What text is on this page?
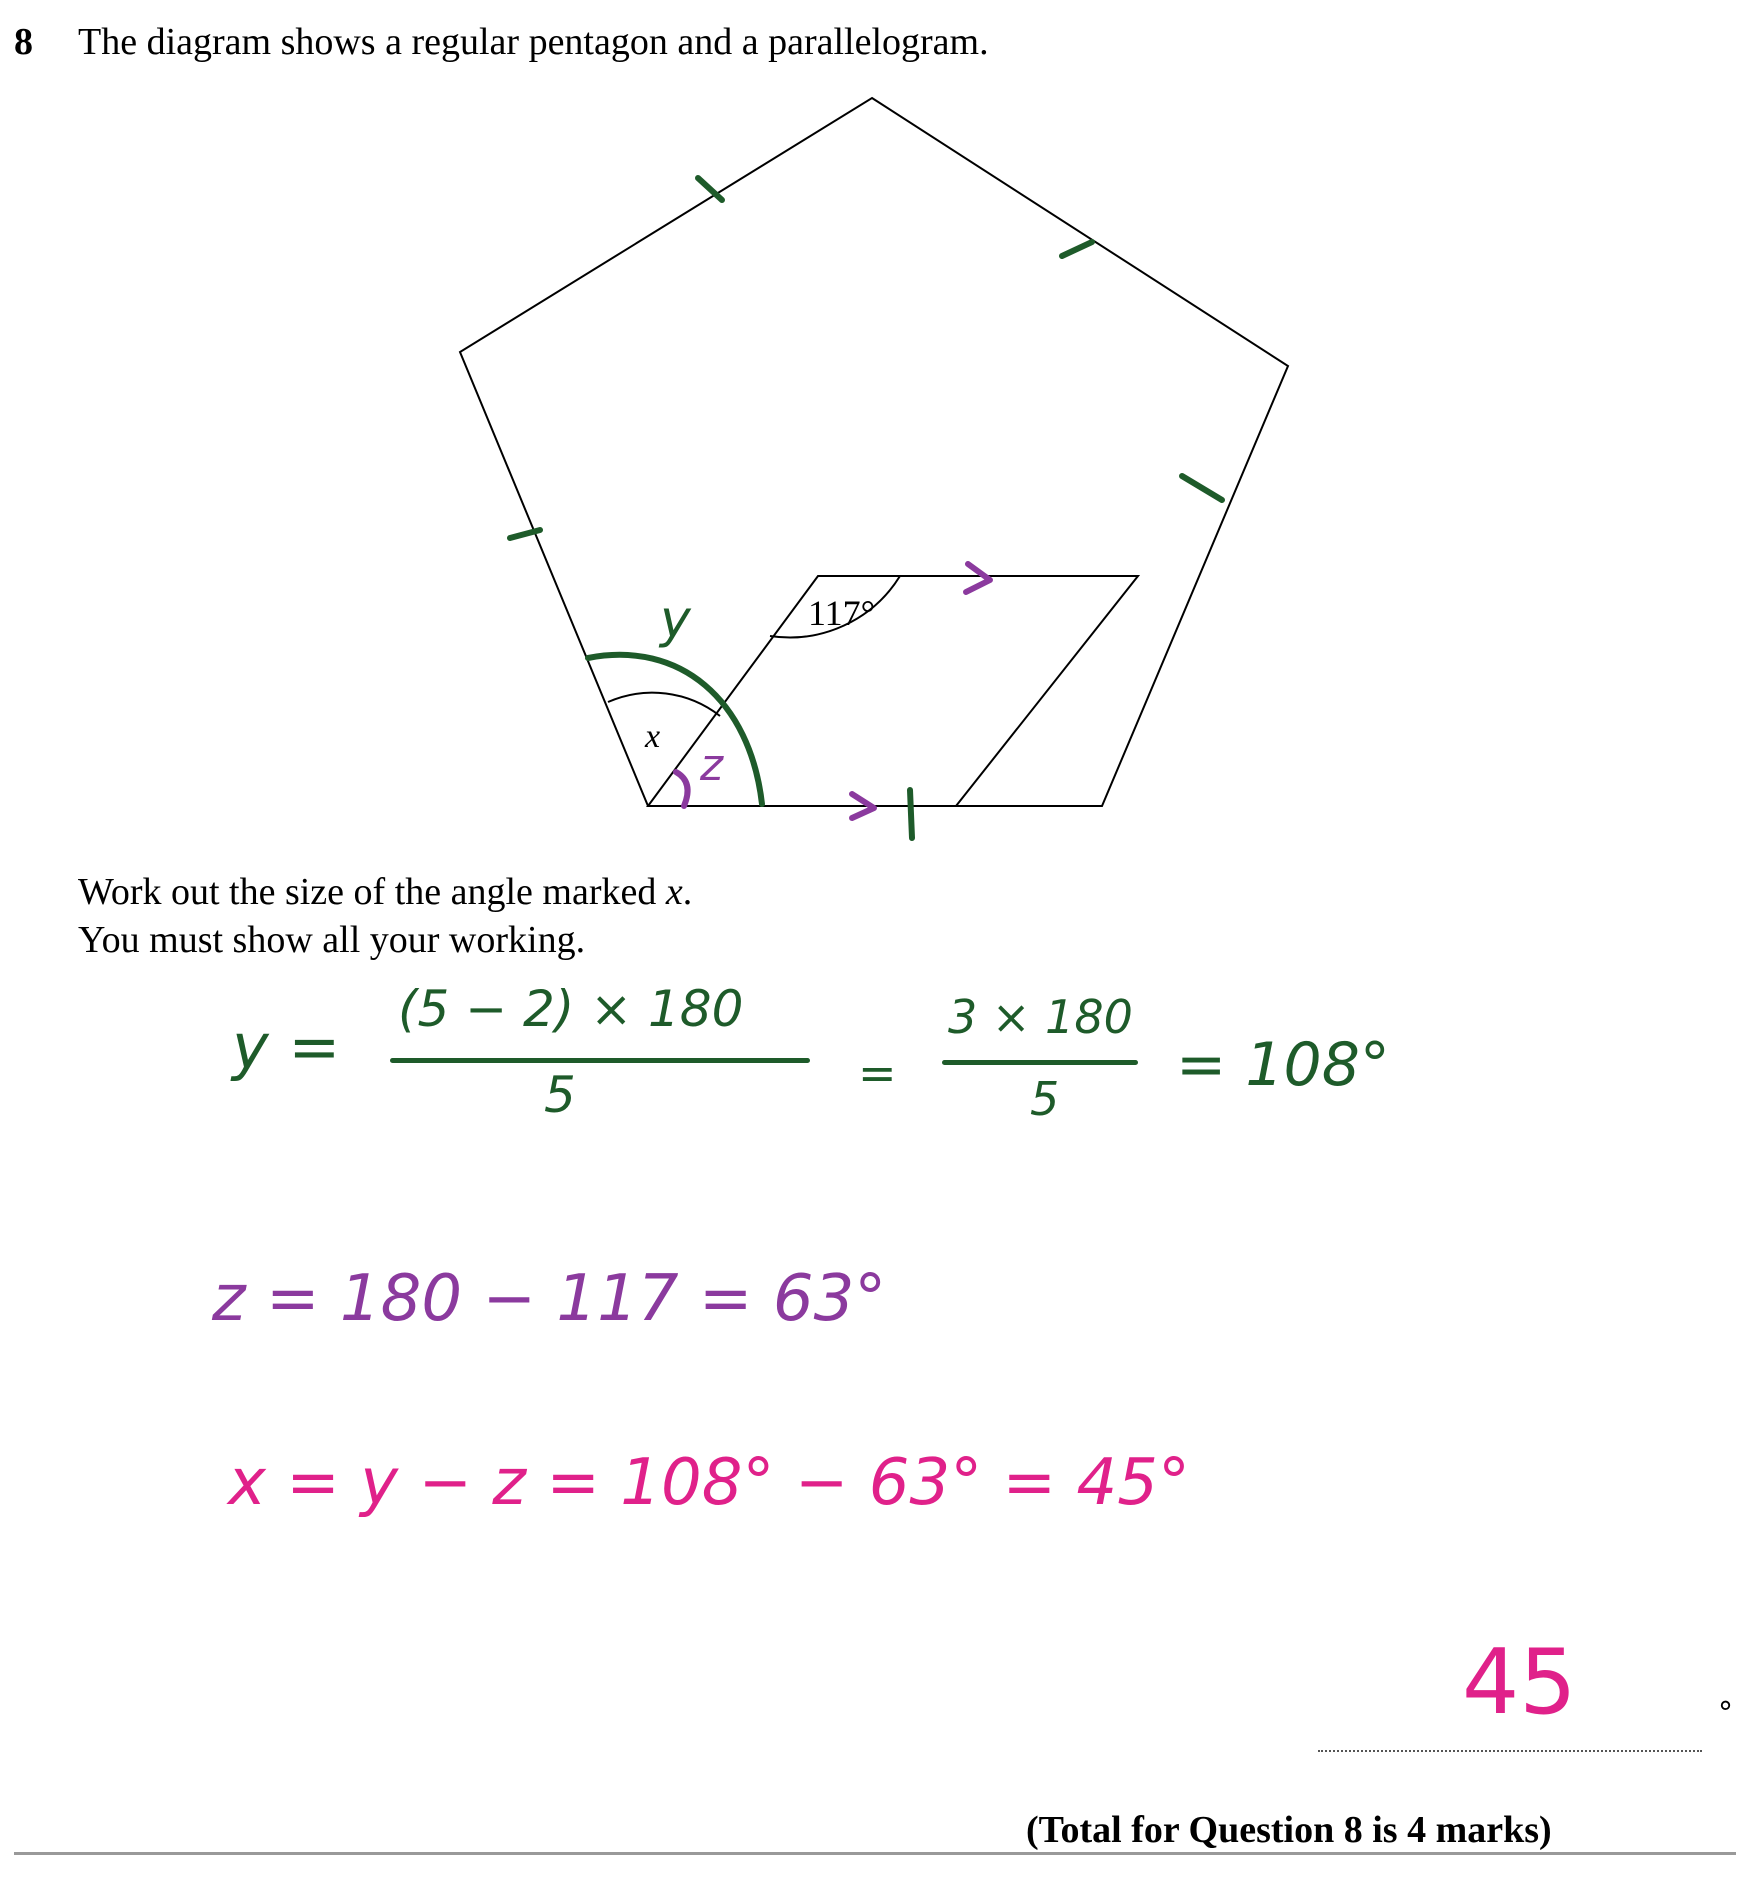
8 The diagram shows a regular pentagon and a parallelogram.
y	117°
x
z
Work out the size of the angle marked x.
You must show all your working.
y =
(5 − 2) × 180
5	=
3 × 180
5 = 108°
z = 180 − 117 = 63°
x = y − z = 108° − 63° = 45°
45	°
(Total for Question 8 is 4 marks)
